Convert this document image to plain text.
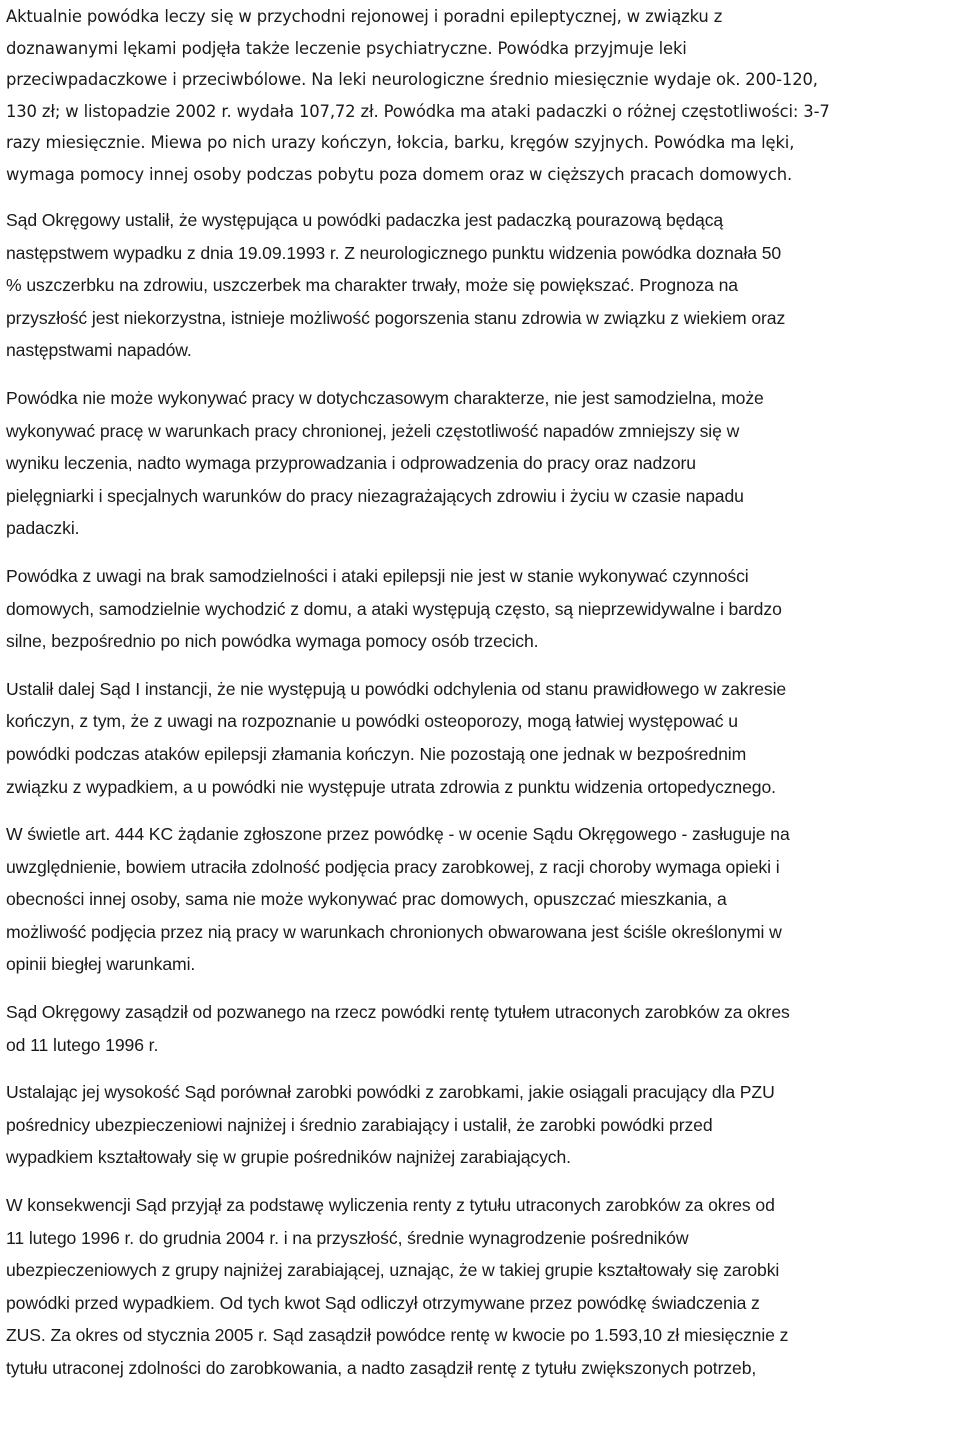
Aktualnie powódka leczy się w przychodni rejonowej i poradni epileptycznej, w związku z
doznawanymi lękami podjęła także leczenie psychiatryczne. Powódka przyjmuje leki
przeciwpadaczkowe i przeciwbólowe. Na leki neurologiczne średnio miesięcznie wydaje ok. 200-120,
130 zł; w listopadzie 2002 r. wydała 107,72 zł. Powódka ma ataki padaczki o różnej częstotliwości: 3-7
razy miesięcznie. Miewa po nich urazy kończyn, łokcia, barku, kręgów szyjnych. Powódka ma lęki,
wymaga pomocy innej osoby podczas pobytu poza domem oraz w cięższych pracach domowych.
Sąd Okręgowy ustalił, że występująca u powódki padaczka jest padaczką pourazową będącą
następstwem wypadku z dnia 19.09.1993 r. Z neurologicznego punktu widzenia powódka doznała 50
% uszczerbku na zdrowiu, uszczerbek ma charakter trwały, może się powiększać. Prognoza na
przyszłość jest niekorzystna, istnieje możliwość pogorszenia stanu zdrowia w związku z wiekiem oraz
następstwami napadów.
Powódka nie może wykonywać pracy w dotychczasowym charakterze, nie jest samodzielna, może
wykonywać pracę w warunkach pracy chronionej, jeżeli częstotliwość napadów zmniejszy się w
wyniku leczenia, nadto wymaga przyprowadzania i odprowadzenia do pracy oraz nadzoru
pielęgniarki i specjalnych warunków do pracy niezagrażających zdrowiu i życiu w czasie napadu
padaczki.
Powódka z uwagi na brak samodzielności i ataki epilepsji nie jest w stanie wykonywać czynności
domowych, samodzielnie wychodzić z domu, a ataki występują często, są nieprzewidywalne i bardzo
silne, bezpośrednio po nich powódka wymaga pomocy osób trzecich.
Ustalił dalej Sąd I instancji, że nie występują u powódki odchylenia od stanu prawidłowego w zakresie
kończyn, z tym, że z uwagi na rozpoznanie u powódki osteoporozy, mogą łatwiej występować u
powódki podczas ataków epilepsji złamania kończyn. Nie pozostają one jednak w bezpośrednim
związku z wypadkiem, a u powódki nie występuje utrata zdrowia z punktu widzenia ortopedycznego.
W świetle art. 444 KC żądanie zgłoszone przez powódkę - w ocenie Sądu Okręgowego - zasługuje na
uwzględnienie, bowiem utraciła zdolność podjęcia pracy zarobkowej, z racji choroby wymaga opieki i
obecności innej osoby, sama nie może wykonywać prac domowych, opuszczać mieszkania, a
możliwość podjęcia przez nią pracy w warunkach chronionych obwarowana jest ściśle określonymi w
opinii biegłej warunkami.
Sąd Okręgowy zasądził od pozwanego na rzecz powódki rentę tytułem utraconych zarobków za okres
od 11 lutego 1996 r.
Ustalając jej wysokość Sąd porównał zarobki powódki z zarobkami, jakie osiągali pracujący dla PZU
pośrednicy ubezpieczeniowi najniżej i średnio zarabiający i ustalił, że zarobki powódki przed
wypadkiem kształtowały się w grupie pośredników najniżej zarabiających.
W konsekwencji Sąd przyjął za podstawę wyliczenia renty z tytułu utraconych zarobków za okres od
11 lutego 1996 r. do grudnia 2004 r. i na przyszłość, średnie wynagrodzenie pośredników
ubezpieczeniowych z grupy najniżej zarabiającej, uznając, że w takiej grupie kształtowały się zarobki
powódki przed wypadkiem. Od tych kwot Sąd odliczył otrzymywane przez powódkę świadczenia z
ZUS. Za okres od stycznia 2005 r. Sąd zasądził powódce rentę w kwocie po 1.593,10 zł miesięcznie z
tytułu utraconej zdolności do zarobkowania, a nadto zasądził rentę z tytułu zwiększonych potrzeb,
